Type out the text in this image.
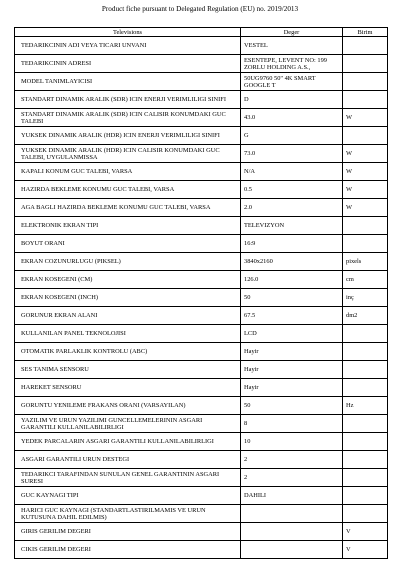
Product fiche pursuant to Delegated Regulation (EU) no. 2019/2013
Televisions	Deger	Birim
TEDARIKCININ ADI VEYA TICARI UNVANI	VESTEL	
TEDARIKCININ ADRESI	ESENTEPE, LEVENT NO: 199 ZORLU HOLDING A.S.,	
MODEL TANIMLAYICISI	50UG9760 50" 4K SMART GOOGLE T	
STANDART DINAMIK ARALIK (SDR) ICIN ENERJI VERIMLILIGI SINIFI	D	
STANDART DINAMIK ARALIK (SDR) ICIN CALISIR KONUMDAKI GUC TALEBI	43.0	W
YUKSEK DINAMIK ARALIK (HDR) ICIN ENERJI VERIMLILIGI SINIFI	G	
YUKSEK DINAMIK ARALIK (HDR) ICIN CALISIR KONUMDAKI GUC TALEBI, UYGULANMISSA	73.0	W
KAPALI KONUM GUC TALEBI, VARSA	N/A	W
HAZIRDA BEKLEME KONUMU GUC TALEBI, VARSA	0.5	W
AGA BAGLI HAZIRDA BEKLEME KONUMU GUC TALEBI, VARSA	2.0	W
ELEKTRONIK EKRAN TIPI	TELEVIZYON	
BOYUT ORANI	16:9	
EKRAN COZUNURLUGU (PIKSEL)	3840x2160	pixels
EKRAN KOSEGENI (CM)	126.0	cm
EKRAN KOSEGENI (INCH)	50	inç
GORUNUR EKRAN ALANI	67.5	dm2
KULLANILAN PANEL TEKNOLOJISI	LCD	
OTOMATIK PARLAKLIK KONTROLU (ABC)	Hayir	
SES TANIMA SENSORU	Hayir	
HAREKET SENSORU	Hayir	
GORUNTU YENILEME FRAKANS ORANI (VARSAYILAN)	50	Hz
YAZILIM VE URUN YAZILIMI GUNCELLEMELERININ ASGARI GARANTILI KULLANILABILIRLIGI	8	
YEDEK PARCALARIN ASGARI GARANTILI KULLANILABILIRLIGI	10	
ASGARI GARANTILI URUN DESTEGI	2	
TEDARIKCI TARAFINDAN SUNULAN GENEL GARANTININ ASGARI SURESI	2	
GUC KAYNAGI TIPI	DAHILI	
HARICI GUC KAYNAGI (STANDARTLASTIRILMAMIS VE URUN KUTUSUNA DAHIL EDILMIS)		
GIRIS GERILIM DEGERI		V
CIKIS GERILIM DEGERI		V
